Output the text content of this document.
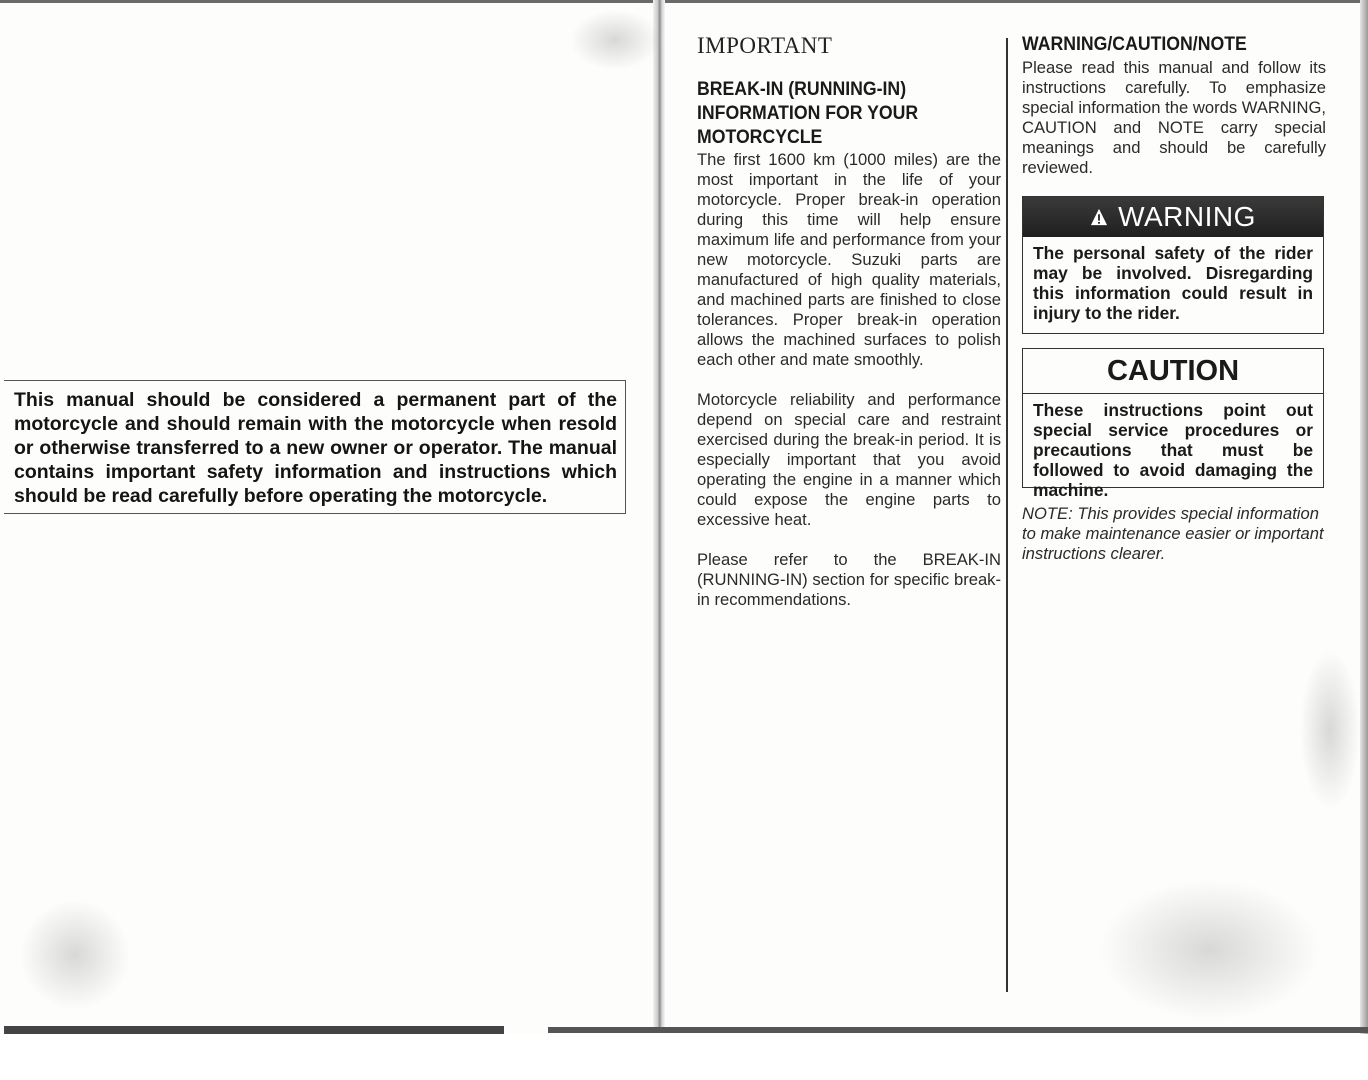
This manual should be considered a permanent part of the motorcycle and should remain with the motorcycle when resold or otherwise transferred to a new owner or operator. The manual contains important safety information and instructions which should be read carefully before operating the motorcycle.
IMPORTANT
BREAK-IN (RUNNING-IN)
INFORMATION FOR YOUR
MOTORCYCLE

The first 1600 km (1000 miles) are the most important in the life of your motorcycle. Proper break-in operation during this time will help ensure maximum life and performance from your new motorcycle. Suzuki parts are manufactured of high quality materials, and machined parts are finished to close tolerances. Proper break-in operation allows the machined surfaces to polish each other and mate smoothly.

Motorcycle reliability and performance depend on special care and restraint exercised during the break-in period. It is especially important that you avoid operating the engine in a manner which could expose the engine parts to excessive heat.

Please refer to the BREAK-IN (RUNNING-IN) section for specific break-in recommendations.

WARNING/CAUTION/NOTE

Please read this manual and follow its instructions carefully. To emphasize special information the words WARNING, CAUTION and NOTE carry special meanings and should be carefully reviewed.

WARNING
The personal safety of the rider may be involved. Disregarding this information could result in injury to the rider.
CAUTION
These instructions point out special service procedures or precautions that must be followed to avoid damaging the machine.

NOTE: This provides special information to make maintenance easier or important instructions clearer.
